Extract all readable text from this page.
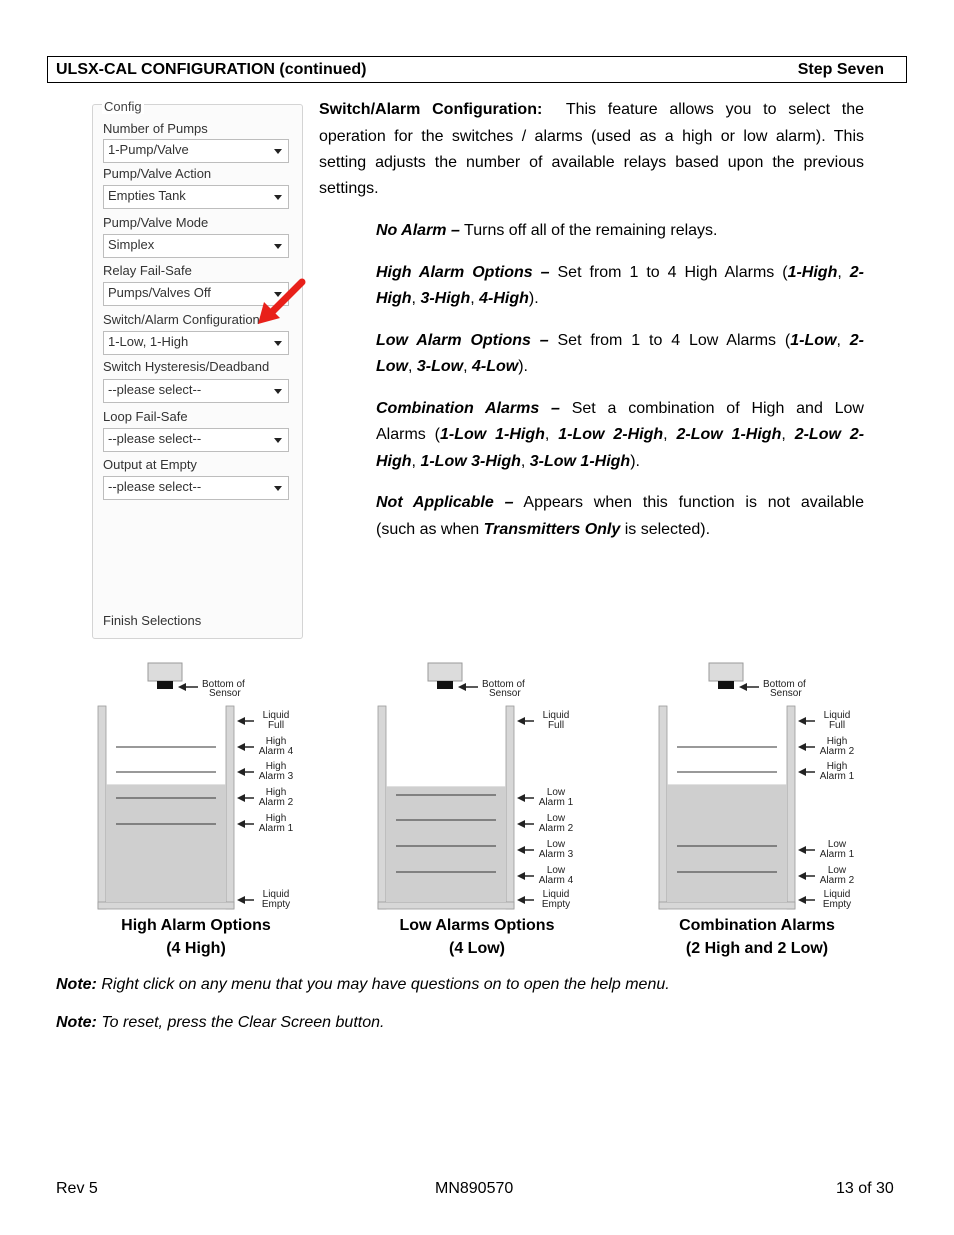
ULSX-CAL CONFIGURATION (continued)	Step Seven
Config
Number of Pumps
1-Pump/Valve
Pump/Valve Action
Empties Tank
Pump/Valve Mode
Simplex
Relay Fail-Safe
Pumps/Valves Off
Switch/Alarm Configuration
1-Low, 1-High
Switch Hysteresis/Deadband
--please select--
Loop Fail-Safe
--please select--
Output at Empty
--please select--
Finish Selections
Switch/Alarm Configuration: This feature allows you to select the
operation for the switches / alarms (used as a high or low alarm). This
setting adjusts the number of available relays based upon the previous
settings.
No Alarm – Turns off all of the remaining relays.
High Alarm Options – Set from 1 to 4 High Alarms (1-High, 2-
High, 3-High, 4-High).
Low Alarm Options – Set from 1 to 4 Low Alarms (1-Low, 2-
Low, 3-Low, 4-Low).
Combination Alarms – Set a combination of High and Low
Alarms (1-Low 1-High, 1-Low 2-High, 2-Low 1-High, 2-Low 2-
High, 1-Low 3-High, 3-Low 1-High).
Not Applicable – Appears when this function is not available
(such as when Transmitters Only is selected).
Bottom of
Sensor
Liquid
Full
High
Alarm 4
High
Alarm 3
High
Alarm 2
High
Alarm 1
Liquid
Empty
Bottom of
Sensor
Liquid
Full
Low
Alarm 1
Low
Alarm 2
Low
Alarm 3
Low
Alarm 4
Liquid
Empty
Bottom of
Sensor
Liquid
Full
High
Alarm 2
High
Alarm 1
Low
Alarm 1
Low
Alarm 2
Liquid
Empty
High Alarm Options
(4 High)
Low Alarms Options
(4 Low)
Combination Alarms
(2 High and 2 Low)
Note: Right click on any menu that you may have questions on to open the help menu.
Note: To reset, press the Clear Screen button.
Rev 5	MN890570	13 of 30
